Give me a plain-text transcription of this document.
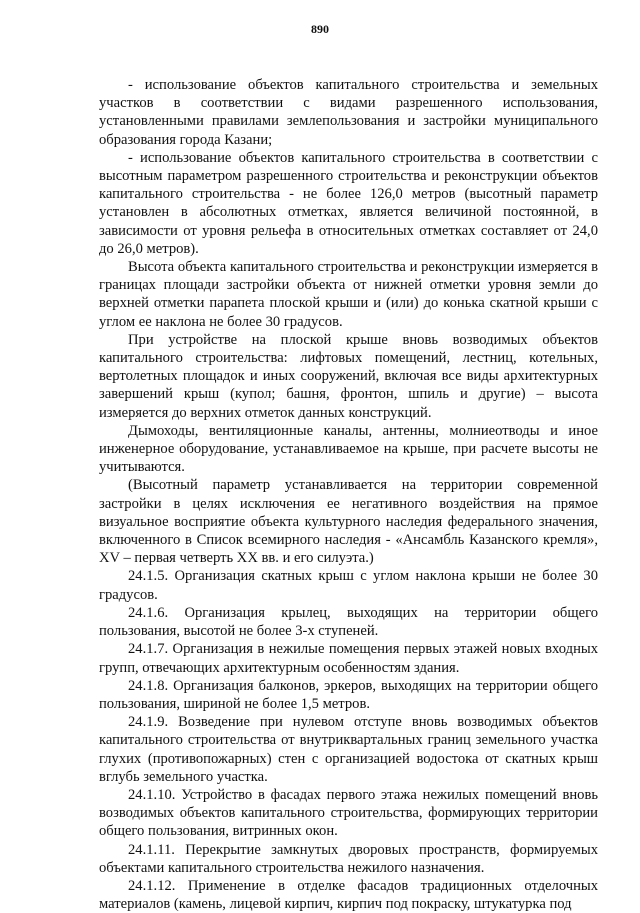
890

- использование объектов капитального строительства и земельных участков в соответствии с видами разрешенного использования, установленными правилами землепользования и застройки муниципального образования города Казани;

- использование объектов капитального строительства в соответствии с высотным параметром разрешенного строительства и реконструкции объектов капитального строительства - не более 126,0 метров (высотный параметр установлен в абсолютных отметках, является величиной постоянной, в зависимости от уровня рельефа в относительных отметках составляет от 24,0 до 26,0 метров).

Высота объекта капитального строительства и реконструкции измеряется в границах площади застройки объекта от нижней отметки уровня земли до верхней отметки парапета плоской крыши и (или) до конька скатной крыши с углом ее наклона не более 30 градусов.

При устройстве на плоской крыше вновь возводимых объектов капитального строительства: лифтовых помещений, лестниц, котельных, вертолетных площадок и иных сооружений, включая все виды архитектурных завершений крыш (купол; башня, фронтон, шпиль и другие) – высота измеряется до верхних отметок данных конструкций.

Дымоходы, вентиляционные каналы, антенны, молниеотводы и иное инженерное оборудование, устанавливаемое на крыше, при расчете высоты не учитываются.

(Высотный параметр устанавливается на территории современной застройки в целях исключения ее негативного воздействия на прямое визуальное восприятие объекта культурного наследия федерального значения, включенного в Список всемирного наследия - «Ансамбль Казанского кремля», XV – первая четверть XX вв. и его силуэта.)

24.1.5. Организация скатных крыш с углом наклона крыши не более 30 градусов.

24.1.6. Организация крылец, выходящих на территории общего пользования, высотой не более 3-х ступеней.

24.1.7. Организация в нежилые помещения первых этажей новых входных групп, отвечающих архитектурным особенностям здания.

24.1.8. Организация балконов, эркеров, выходящих на территории общего пользования, шириной не более 1,5 метров.

24.1.9. Возведение при нулевом отступе вновь возводимых объектов капитального строительства от внутриквартальных границ земельного участка глухих (противопожарных) стен с организацией водостока от скатных крыш вглубь земельного участка.

24.1.10. Устройство в фасадах первого этажа нежилых помещений вновь возводимых объектов капитального строительства, формирующих территории общего пользования, витринных окон.

24.1.11. Перекрытие замкнутых дворовых пространств, формируемых объектами капитального строительства нежилого назначения.

24.1.12. Применение в отделке фасадов традиционных отделочных материалов (камень, лицевой кирпич, кирпич под покраску, штукатурка под
